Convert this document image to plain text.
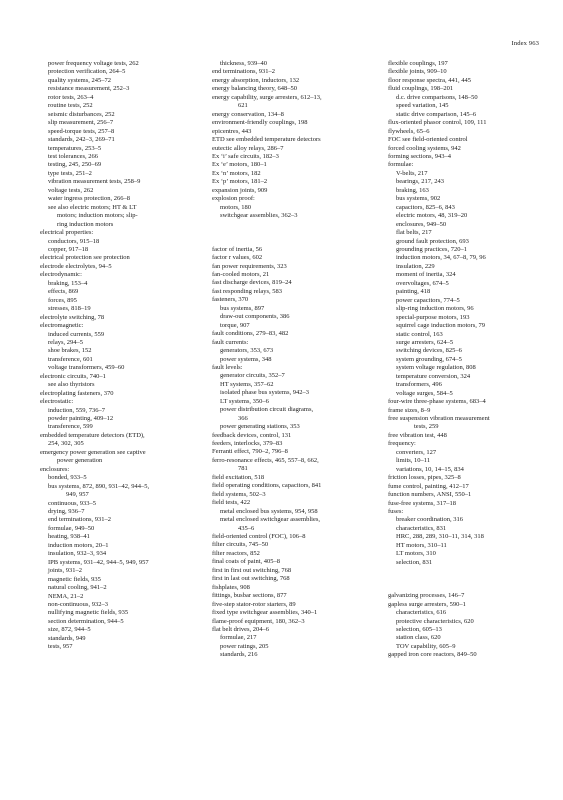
Index 963
power frequency voltage tests, 262
protection verification, 264–5
quality systems, 245–72
resistance measurement, 252–3
rotor tests, 263–4
routine tests, 252
seismic disturbances, 252
slip measurement, 256–7
speed-torque tests, 257–8
standards, 242–3, 269–71
temperatures, 253–5
test tolerances, 266
testing, 245, 250–69
type tests, 251–2
vibration measurement tests, 258–9
voltage tests, 262
water ingress protection, 266–8
see also electric motors; HT & LT
motors; induction motors; slip-
ring induction motors
electrical properties:
conductors, 915–18
copper, 917–18
electrical protection see protection
electrode electrolytes, 94–5
electrodynamic:
braking, 153–4
effects, 869
forces, 895
stresses, 818–19
electrolyte switching, 78
electromagnetic:
induced currents, 559
relays, 294–5
shoe brakes, 152
transference, 601
voltage transformers, 459–60
electronic circuits, 740–1
see also thyristors
electroplating fasteners, 370
electrostatic:
induction, 559, 736–7
powder painting, 409–12
transference, 599
embedded temperature detectors (ETD),
254, 302, 305
emergency power generation see captive
power generation
enclosures:
bonded, 933–5
bus systems, 872, 890, 931–42, 944–5,
949, 957
continuous, 933–5
drying, 936–7
end terminations, 931–2
formulae, 949–50
heating, 938–41
induction motors, 20–1
insulation, 932–3, 934
IPB systems, 931–42, 944–5, 949, 957
joints, 931–2
magnetic fields, 935
natural cooling, 941–2
NEMA, 21–2
non-continuous, 932–3
nullifying magnetic fields, 935
section determination, 944–5
size, 872, 944–5
standards, 949
tests, 957
thickness, 939–40
end terminations, 931–2
energy absorption, inductors, 132
energy balancing theory, 648–50
energy capability, surge arresters, 612–13,
621
energy conservation, 134–8
environment-friendly couplings, 198
epicentres, 443
ETD see embedded temperature detectors
eutectic alloy relays, 286–7
Ex ‘i’ safe circuits, 182–3
Ex ‘e’ motors, 180–1
Ex ‘n’ motors, 182
Ex ‘p’ motors, 181–2
expansion joints, 909
explosion proof:
motors, 180
switchgear assemblies, 362–3
factor of inertia, 56
factor r values, 602
fan power requirements, 323
fan-cooled motors, 21
fast discharge devices, 819–24
fast responding relays, 583
fasteners, 370
bus systems, 897
draw-out components, 386
torque, 907
fault conditions, 279–83, 482
fault currents:
generators, 353, 673
power systems, 348
fault levels:
generator circuits, 352–7
HT systems, 357–62
isolated phase bus systems, 942–3
LT systems, 350–6
power distribution circuit diagrams,
366
power generating stations, 353
feedback devices, control, 131
feeders, interlocks, 379–83
Ferranti effect, 790–2, 796–8
ferro-resonance effects, 465, 557–8, 662,
781
field excitation, 518
field operating conditions, capacitors, 841
field systems, 502–3
field tests, 422
metal enclosed bus systems, 954, 958
metal enclosed switchgear assemblies,
435–6
field-oriented control (FOC), 106–8
filter circuits, 745–50
filter reactors, 852
final coats of paint, 405–8
first in first out switching, 768
first in last out switching, 768
fishplates, 908
fittings, busbar sections, 877
five-step stator-rotor starters, 89
fixed type switchgear assemblies, 340–1
flame-proof equipment, 180, 362–3
flat belt drives, 204–6
formulae, 217
power ratings, 205
standards, 216
flexible couplings, 197
flexible joints, 909–10
floor response spectra, 441, 445
fluid couplings, 198–201
d.c. drive comparisons, 148–50
speed variation, 145
static drive comparison, 145–6
flux-oriented phasor control, 109, 111
flywheels, 65–6
FOC see field-oriented control
forced cooling systems, 942
forming sections, 943–4
formulae:
V-belts, 217
bearings, 217, 243
braking, 163
bus systems, 902
capacitors, 825–6, 843
electric motors, 48, 319–20
enclosures, 949–50
flat belts, 217
ground fault protection, 693
grounding practices, 720–1
induction motors, 34, 67–8, 79, 96
insulation, 229
moment of inertia, 324
overvoltages, 674–5
painting, 418
power capacitors, 774–5
slip-ring induction motors, 96
special-purpose motors, 193
squirrel cage induction motors, 79
static control, 163
surge arresters, 624–5
switching devices, 825–6
system grounding, 674–5
system voltage regulation, 808
temperature conversion, 324
transformers, 496
voltage surges, 584–5
four-wire three-phase systems, 683–4
frame sizes, 8–9
free suspension vibration measurement
tests, 259
free vibration test, 448
frequency:
converters, 127
limits, 10–11
variations, 10, 14–15, 834
friction losses, pipes, 325–8
fume control, painting, 412–17
function numbers, ANSI, 550–1
fuse-free systems, 317–18
fuses:
breaker coordination, 316
characteristics, 831
HRC, 288, 289, 310–11, 314, 318
HT motors, 310–11
LT motors, 310
selection, 831
galvanizing processes, 146–7
gapless surge arresters, 590–1
characteristics, 616
protective characteristics, 620
selection, 605–13
station class, 620
TOV capability, 605–9
gapped iron core reactors, 849–50
